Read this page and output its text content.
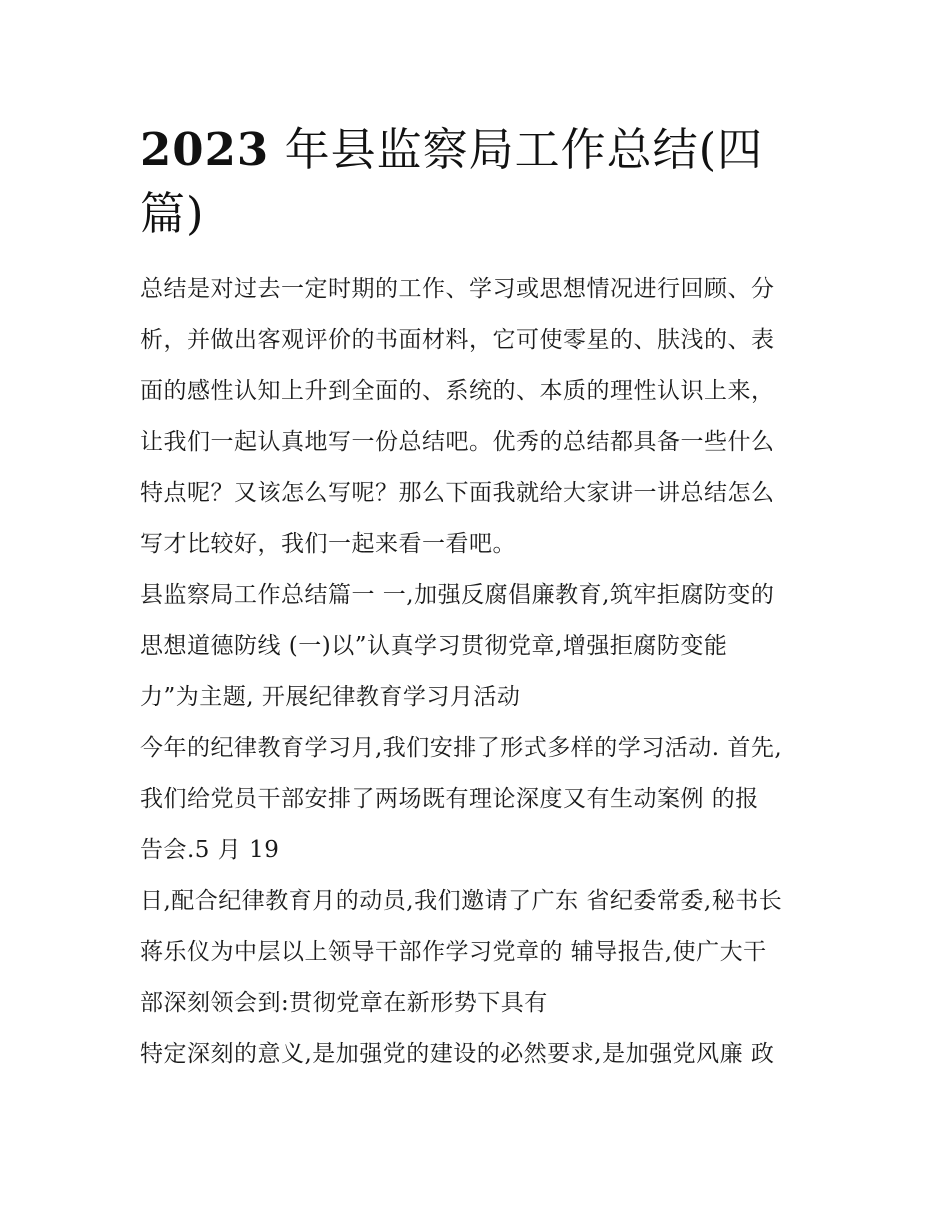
2023 年县监察局工作总结(四
篇)
总结是对过去一定时期的工作、学习或思想情况进行回顾、分
析，并做出客观评价的书面材料，它可使零星的、肤浅的、表
面的感性认知上升到全面的、系统的、本质的理性认识上来，
让我们一起认真地写一份总结吧。优秀的总结都具备一些什么
特点呢？又该怎么写呢？那么下面我就给大家讲一讲总结怎么
写才比较好，我们一起来看一看吧。
县监察局工作总结篇一 一,加强反腐倡廉教育,筑牢拒腐防变的
思想道德防线 (一)以”认真学习贯彻党章,增强拒腐防变能
力”为主题, 开展纪律教育学习月活动
今年的纪律教育学习月,我们安排了形式多样的学习活动. 首先,
我们给党员干部安排了两场既有理论深度又有生动案例 的报
告会.5 月 19
日,配合纪律教育月的动员,我们邀请了广东 省纪委常委,秘书长
蒋乐仪为中层以上领导干部作学习党章的 辅导报告,使广大干
部深刻领会到:贯彻党章在新形势下具有
特定深刻的意义,是加强党的建设的必然要求,是加强党风廉 政
